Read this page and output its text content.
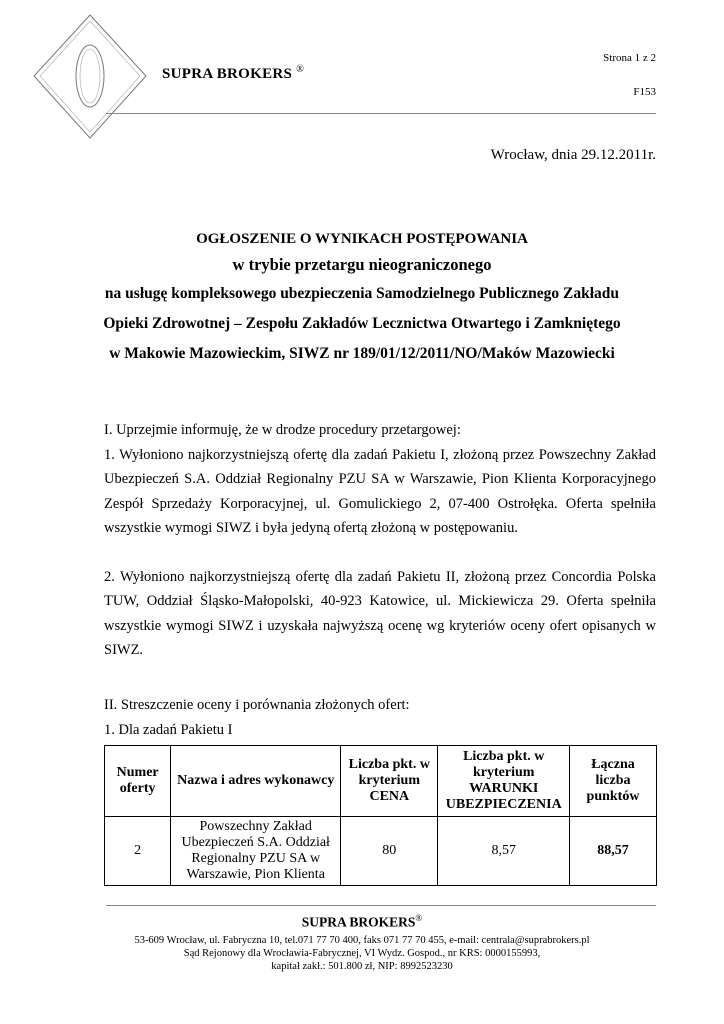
SUPRA BROKERS ®
Strona 1 z 2
F153
Wrocław, dnia 29.12.2011r.
OGŁOSZENIE O WYNIKACH POSTĘPOWANIA
w trybie przetargu nieograniczonego
na usługę kompleksowego ubezpieczenia Samodzielnego Publicznego Zakładu
Opieki Zdrowotnej – Zespołu Zakładów Lecznictwa Otwartego i Zamkniętego
w Makowie Mazowieckim, SIWZ nr 189/01/12/2011/NO/Maków Mazowiecki

I. Uprzejmie informuję, że w drodze procedury przetargowej:

1. Wyłoniono najkorzystniejszą ofertę dla zadań Pakietu I, złożoną przez Powszechny Zakład Ubezpieczeń S.A. Oddział Regionalny PZU SA w Warszawie, Pion Klienta Korporacyjnego Zespół Sprzedaży Korporacyjnej, ul. Gomulickiego 2, 07-400 Ostrołęka. Oferta spełniła wszystkie wymogi SIWZ i była jedyną ofertą złożoną w postępowaniu.

2. Wyłoniono najkorzystniejszą ofertę dla zadań Pakietu II, złożoną przez Concordia Polska TUW, Oddział Śląsko-Małopolski, 40-923 Katowice, ul. Mickiewicza 29. Oferta spełniła wszystkie wymogi SIWZ i uzyskała najwyższą ocenę wg kryteriów oceny ofert opisanych w SIWZ.

II. Streszczenie oceny i porównania złożonych ofert:

1. Dla zadań Pakietu I

Numer oferty	Nazwa i adres wykonawcy	Liczba pkt. w kryterium CENA	Liczba pkt. w kryterium WARUNKI UBEZPIECZENIA	Łączna liczba punktów
2	Powszechny Zakład Ubezpieczeń S.A. Oddział Regionalny PZU SA w Warszawie, Pion Klienta	80	8,57	88,57
SUPRA BROKERS®
53-609 Wrocław, ul. Fabryczna 10, tel.071 77 70 400, faks 071 77 70 455, e-mail: centrala@suprabrokers.pl
Sąd Rejonowy dla Wrocławia-Fabrycznej, VI Wydz. Gospod., nr KRS: 0000155993,
kapitał zakł.: 501.800 zł, NIP: 8992523230
